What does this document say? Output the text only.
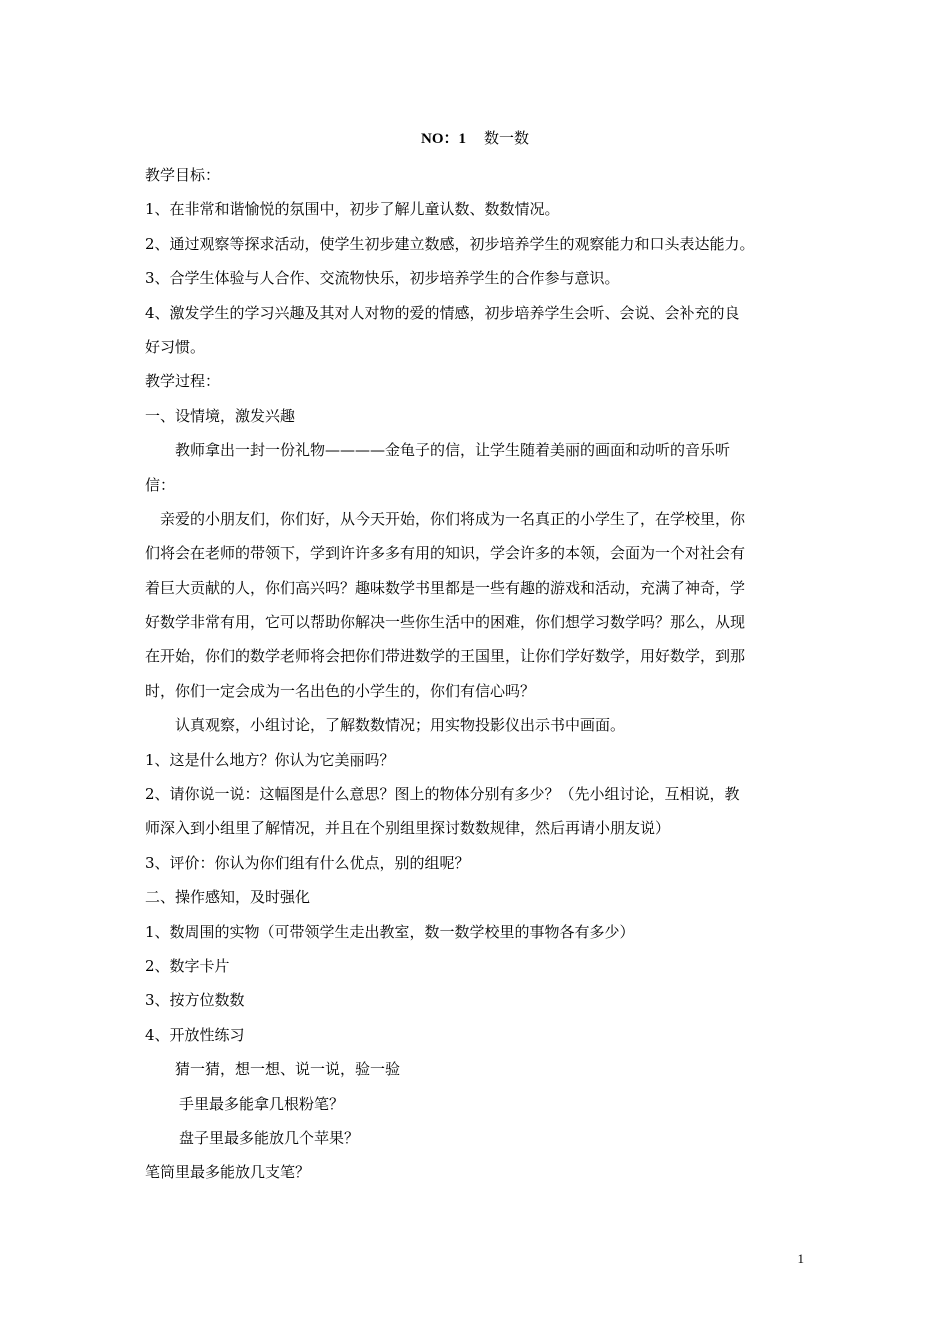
NO：1 数一数
教学目标：
1、在非常和谐愉悦的氛围中，初步了解儿童认数、数数情况。
2、通过观察等探求活动，使学生初步建立数感，初步培养学生的观察能力和口头表达能力。
3、合学生体验与人合作、交流物快乐，初步培养学生的合作参与意识。
4、激发学生的学习兴趣及其对人对物的爱的情感，初步培养学生会听、会说、会补充的良
好习惯。
教学过程：
一、设情境，激发兴趣
教师拿出一封一份礼物————金龟子的信，让学生随着美丽的画面和动听的音乐听
信：
亲爱的小朋友们，你们好，从今天开始，你们将成为一名真正的小学生了，在学校里，你
们将会在老师的带领下，学到许许多多有用的知识，学会许多的本领，会面为一个对社会有
着巨大贡献的人，你们高兴吗？趣味数学书里都是一些有趣的游戏和活动，充满了神奇，学
好数学非常有用，它可以帮助你解决一些你生活中的困难，你们想学习数学吗？那么，从现
在开始，你们的数学老师将会把你们带进数学的王国里，让你们学好数学，用好数学，到那
时，你们一定会成为一名出色的小学生的，你们有信心吗？
认真观察，小组讨论，了解数数情况；用实物投影仪出示书中画面。
1、这是什么地方？你认为它美丽吗？
2、请你说一说：这幅图是什么意思？图上的物体分别有多少？（先小组讨论，互相说，教
师深入到小组里了解情况，并且在个别组里探讨数数规律，然后再请小朋友说）
3、评价：你认为你们组有什么优点，别的组呢？
二、操作感知，及时强化
1、数周围的实物（可带领学生走出教室，数一数学校里的事物各有多少）
2、数字卡片
3、按方位数数
4、开放性练习
猜一猜，想一想、说一说，验一验
手里最多能拿几根粉笔？
盘子里最多能放几个苹果？
笔筒里最多能放几支笔？
1
